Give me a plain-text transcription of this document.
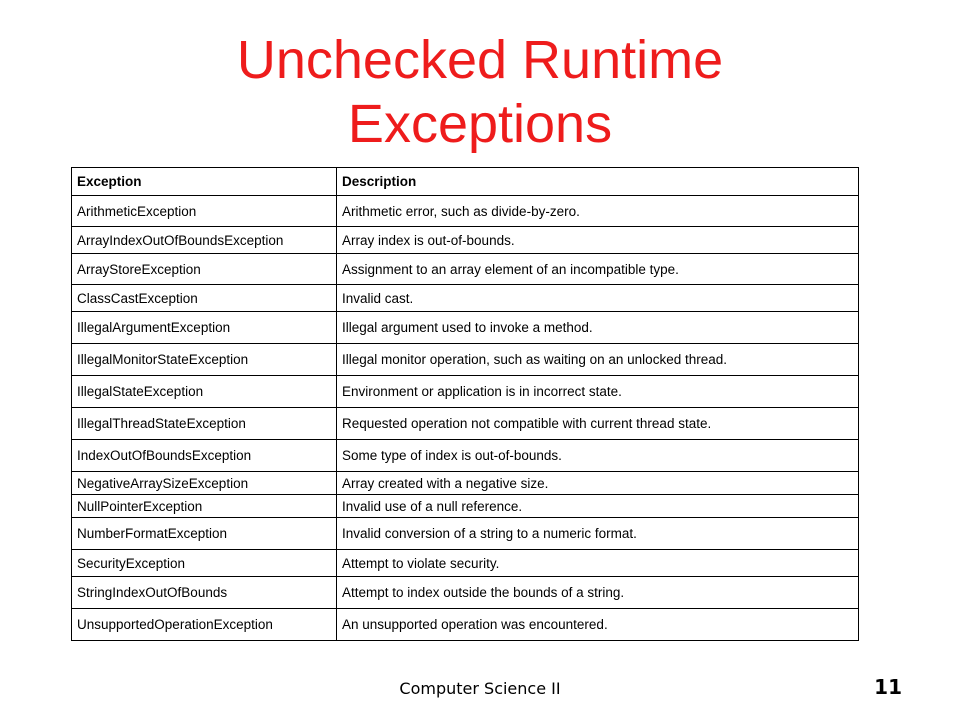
Unchecked Runtime
Exceptions
Exception	Description
ArithmeticException	Arithmetic error, such as divide-by-zero.
ArrayIndexOutOfBoundsException	Array index is out-of-bounds.
ArrayStoreException	Assignment to an array element of an incompatible type.
ClassCastException	Invalid cast.
IllegalArgumentException	Illegal argument used to invoke a method.
IllegalMonitorStateException	Illegal monitor operation, such as waiting on an unlocked thread.
IllegalStateException	Environment or application is in incorrect state.
IllegalThreadStateException	Requested operation not compatible with current thread state.
IndexOutOfBoundsException	Some type of index is out-of-bounds.
NegativeArraySizeException	Array created with a negative size.
NullPointerException	Invalid use of a null reference.
NumberFormatException	Invalid conversion of a string to a numeric format.
SecurityException	Attempt to violate security.
StringIndexOutOfBounds	Attempt to index outside the bounds of a string.
UnsupportedOperationException	An unsupported operation was encountered.
Computer Science II	11
